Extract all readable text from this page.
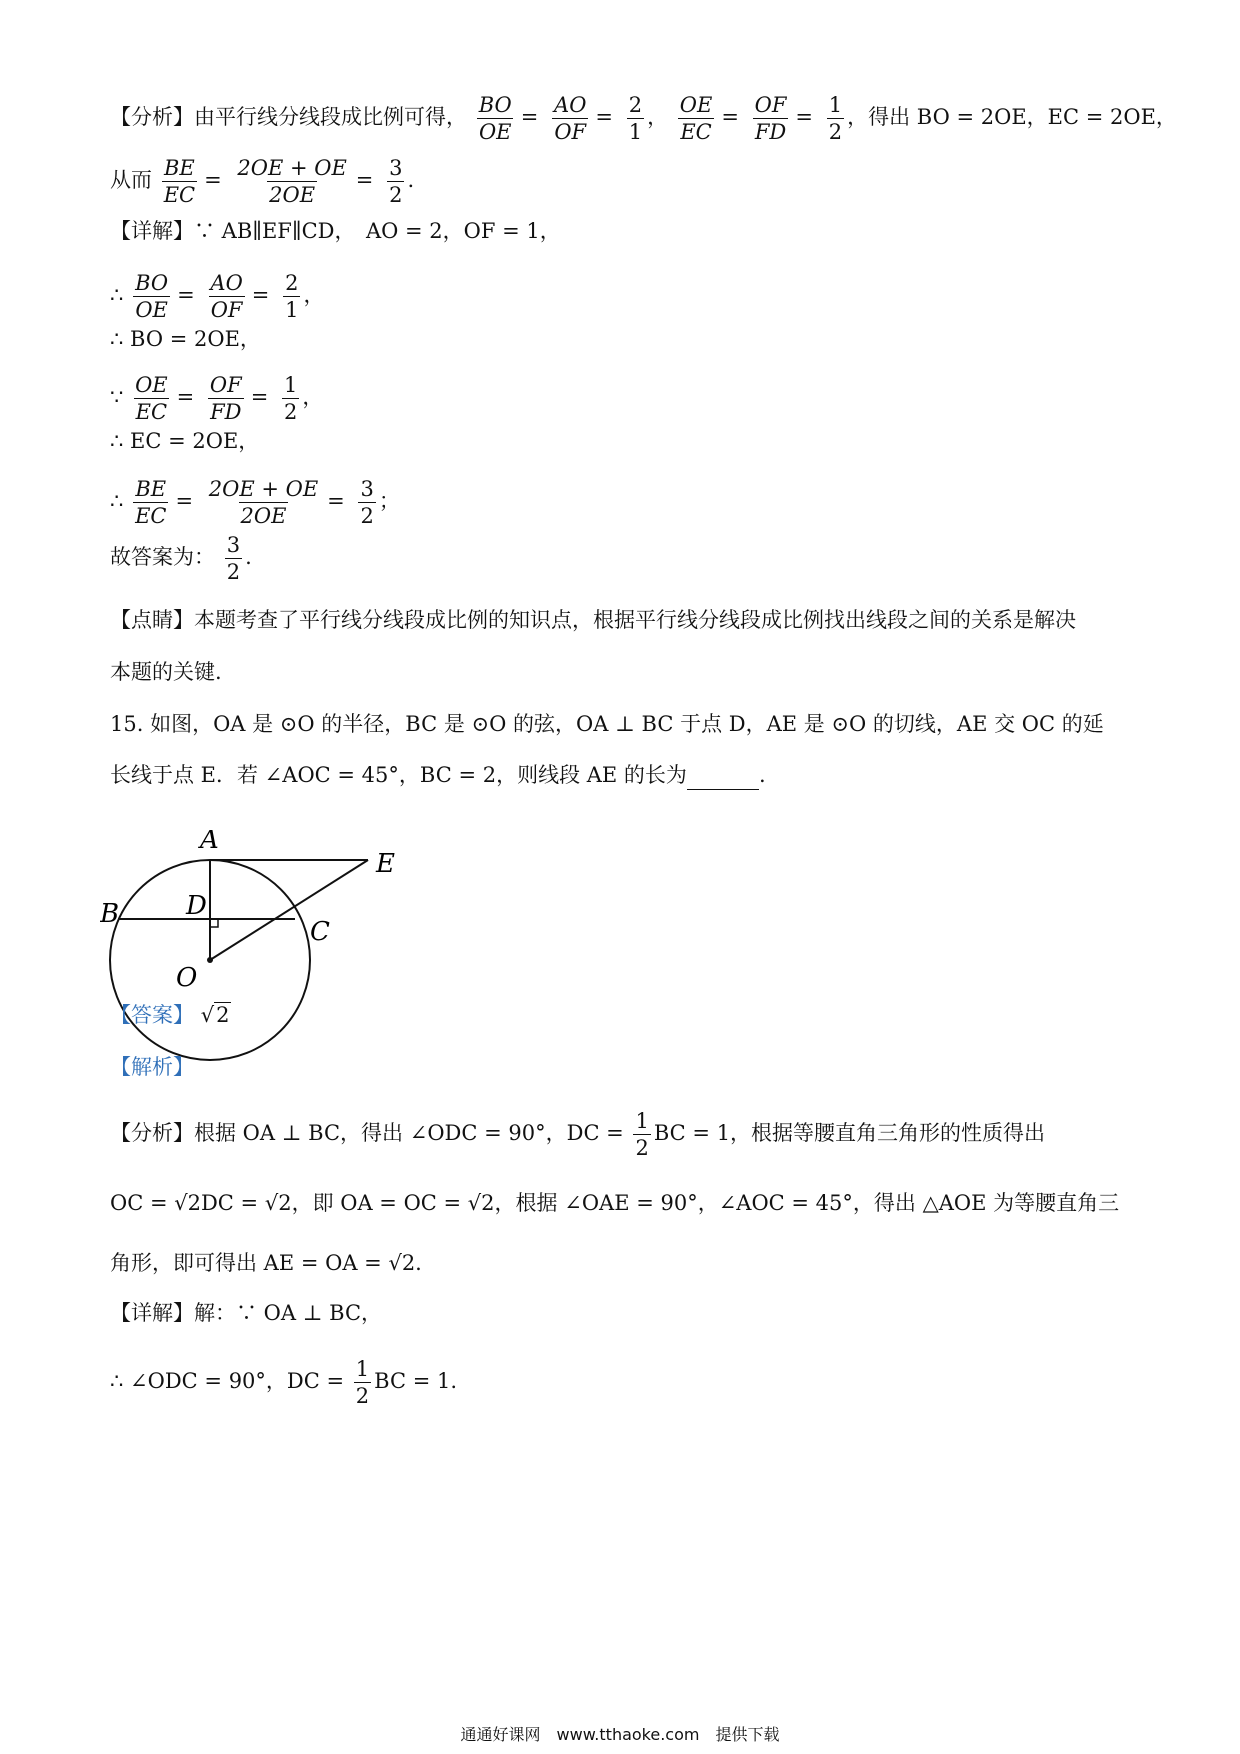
【分析】由平行线分线段成比例可得， $\frac{BO}{OE} = \frac{AO}{OF} = \frac{2}{1}$ ， $\frac{OE}{EC} = \frac{OF}{FD} = \frac{1}{2}$ ，得出 BO = 2OE，EC = 2OE，
从而 $\frac{BE}{EC} = \frac{2OE + OE}{2OE} = \frac{3}{2}$ .
【详解】∵ AB∥EF∥CD，　AO = 2，OF = 1，
∴ $\frac{BO}{OE} = \frac{AO}{OF} = \frac{2}{1}$ ，
∴ BO = 2OE，
∵ $\frac{OE}{EC} = \frac{OF}{FD} = \frac{1}{2}$ ，
∴ EC = 2OE，
∴ $\frac{BE}{EC} = \frac{2OE + OE}{2OE} = \frac{3}{2}$ ；
故答案为： $\frac{3}{2}$ .
【点睛】本题考查了平行线分线段成比例的知识点，根据平行线分线段成比例找出线段之间的关系是解决
本题的关键.
15. 如图，OA 是 ⊙O 的半径，BC 是 ⊙O 的弦，OA ⊥ BC 于点 D，AE 是 ⊙O 的切线，AE 交 OC 的延
长线于点 E．若 ∠AOC = 45°，BC = 2，则线段 AE 的长为	.
A
B
C
D
E
O
【答案】 √2
【解析】
【分析】根据 OA ⊥ BC，得出 ∠ODC = 90°，DC = $\frac{1}{2}$ BC = 1，根据等腰直角三角形的性质得出
OC = √2DC = √2，即 OA = OC = √2，根据 ∠OAE = 90°，∠AOC = 45°，得出 △AOE 为等腰直角三
角形，即可得出 AE = OA = √2.
【详解】解：∵ OA ⊥ BC，
∴ ∠ODC = 90°，DC = $\frac{1}{2}$ BC = 1.
通通好课网　www.tthaoke.com　提供下载
